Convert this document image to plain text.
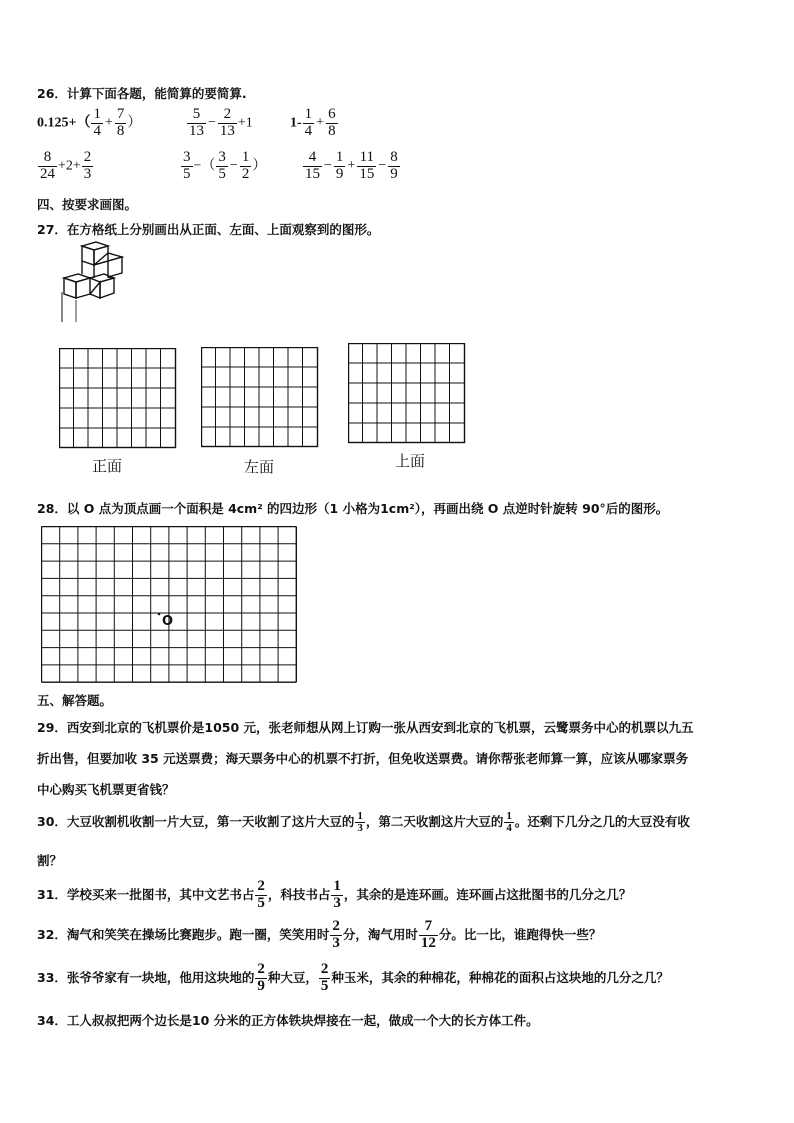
26．计算下面各题，能简算的要简算.
$0.125+( \frac{1}{4} + \frac{7}{8}$ ）	$\frac{5}{13} - \frac{2}{13} +1$	$1- \frac{1}{4} + \frac{6}{8}$
$\frac{8}{24} +2+ \frac{2}{3}$	$\frac{3}{5}$ −（ $\frac{3}{5} - \frac{1}{2}$ ） $\frac{4}{15} - \frac{1}{9} + \frac{11}{15} - \frac{8}{9}$
四、按要求画图。
27．在方格纸上分别画出从正面、左面、上面观察到的图形。
正面	左面	上面
28．以 O 点为顶点画一个面积是 4cm² 的四边形（1 小格为1cm²），再画出绕 O 点逆时针旋转 90°后的图形。
O
五、解答题。
29．西安到北京的飞机票价是1050 元，张老师想从网上订购一张从西安到北京的飞机票，云鹭票务中心的机票以九五
折出售，但要加收 35 元送票费；海天票务中心的机票不打折，但免收送票费。请你帮张老师算一算，应该从哪家票务
中心购买飞机票更省钱？
30．大豆收割机收割一片大豆，第一天收割了这片大豆的 $\frac{1}{3}$ ，第二天收割这片大豆的 $\frac{1}{4}$ 。还剩下几分之几的大豆没有收
割？
31．学校买来一批图书，其中文艺书占 $\frac{2}{5}$ ，科技书占 $\frac{1}{3}$ ，其余的是连环画。连环画占这批图书的几分之几？
32．淘气和笑笑在操场比赛跑步。跑一圈，笑笑用时 $\frac{2}{3}$ 分，淘气用时 $\frac{7}{12}$ 分。比一比，谁跑得快一些？
33．张爷爷家有一块地，他用这块地的 $\frac{2}{9}$ 种大豆， $\frac{2}{5}$ 种玉米，其余的种棉花，种棉花的面积占这块地的几分之几？
34．工人叔叔把两个边长是10 分米的正方体铁块焊接在一起，做成一个大的长方体工件。
